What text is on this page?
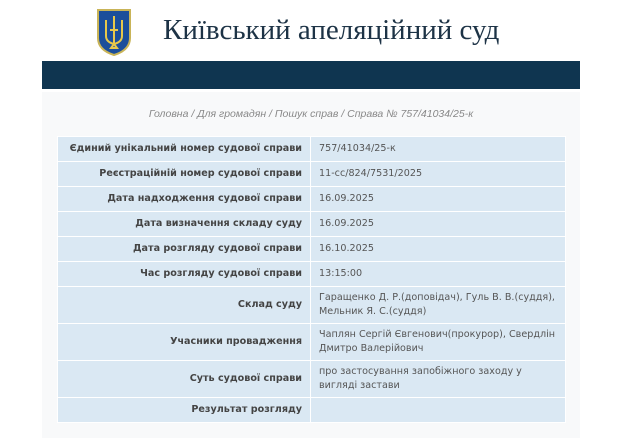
Київський апеляційний суд
Головна / Для громадян / Пошук справ / Справа № 757/41034/25-к
Єдиний унікальний номер судової справи	757/41034/25-к
Реєстраційній номер судової справи	11-сс/824/7531/2025
Дата надходження судової справи	16.09.2025
Дата визначення складу суду	16.09.2025
Дата розгляду судової справи	16.10.2025
Час розгляду судової справи	13:15:00
Склад суду	Гаращенко Д. Р.(доповідач), Гуль В. В.(суддя), Мельник Я. С.(суддя)
Учасники провадження	Чаплян Сергій Євгенович(прокурор), Свердлін Дмитро Валерійович
Суть судової справи	про застосування запобіжного заходу у вигляді застави
Результат розгляду	
